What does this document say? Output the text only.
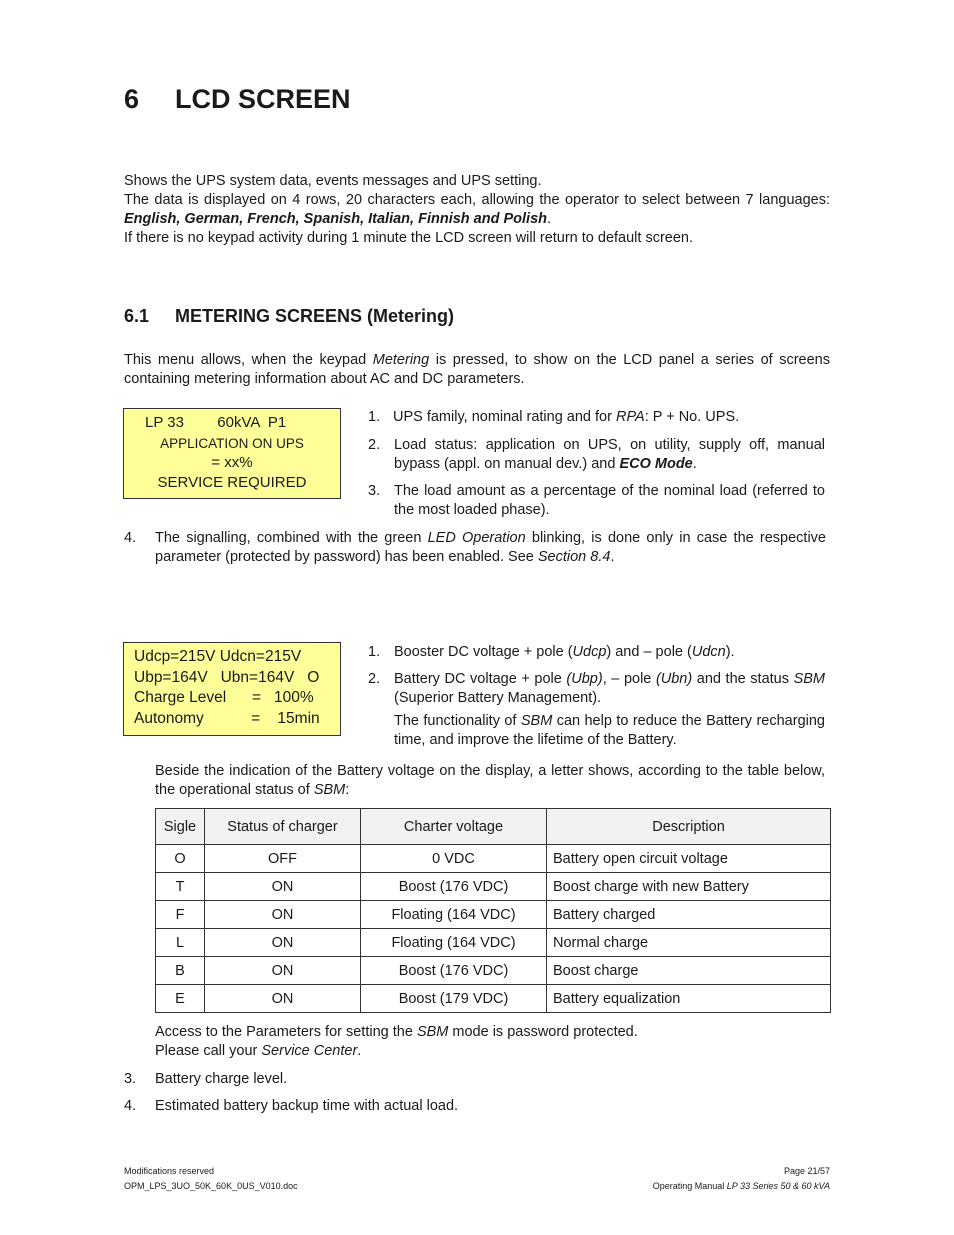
6 LCD SCREEN
Shows the UPS system data, events messages and UPS setting.
The data is displayed on 4 rows, 20 characters each, allowing the operator to select between 7 languages: English, German, French, Spanish, Italian, Finnish and Polish.
If there is no keypad activity during 1 minute the LCD screen will return to default screen.
6.1 METERING SCREENS (Metering)
This menu allows, when the keypad Metering is pressed, to show on the LCD panel a series of screens containing metering information about AC and DC parameters.
LP 33        60kVA  P1
APPLICATION ON UPS
= xx%
SERVICE REQUIRED
1. UPS family, nominal rating and for RPA: P + No. UPS.
2. Load status: application on UPS, on utility, supply off, manual bypass (appl. on manual dev.) and ECO Mode.
3. The load amount as a percentage of the nominal load (referred to the most loaded phase).
4. The signalling, combined with the green LED Operation blinking, is done only in case the respective parameter (protected by password) has been enabled. See Section 8.4.
Udcp=215V Udcn=215V
Ubp=164V   Ubn=164V   O
Charge Level      =   100%
Autonomy           =    15min
1. Booster DC voltage + pole (Udcp) and – pole (Udcn).
2. Battery DC voltage + pole (Ubp), – pole (Ubn) and the status SBM (Superior Battery Management).
The functionality of SBM can help to reduce the Battery recharging time, and improve the lifetime of the Battery.
Beside the indication of the Battery voltage on the display, a letter shows, according to the table below, the operational status of SBM:
Sigle	Status of charger	Charter voltage	Description
O	OFF	0 VDC	Battery open circuit voltage
T	ON	Boost (176 VDC)	Boost charge with new Battery
F	ON	Floating (164 VDC)	Battery charged
L	ON	Floating (164 VDC)	Normal charge
B	ON	Boost (176 VDC)	Boost charge
E	ON	Boost (179 VDC)	Battery equalization
Access to the Parameters for setting the SBM mode is password protected.
Please call your Service Center.
3. Battery charge level.
4. Estimated battery backup time with actual load.
Modifications reserved
OPM_LPS_3UO_50K_60K_0US_V010.doc
Page 21/57
Operating Manual LP 33 Series 50 & 60 kVA
